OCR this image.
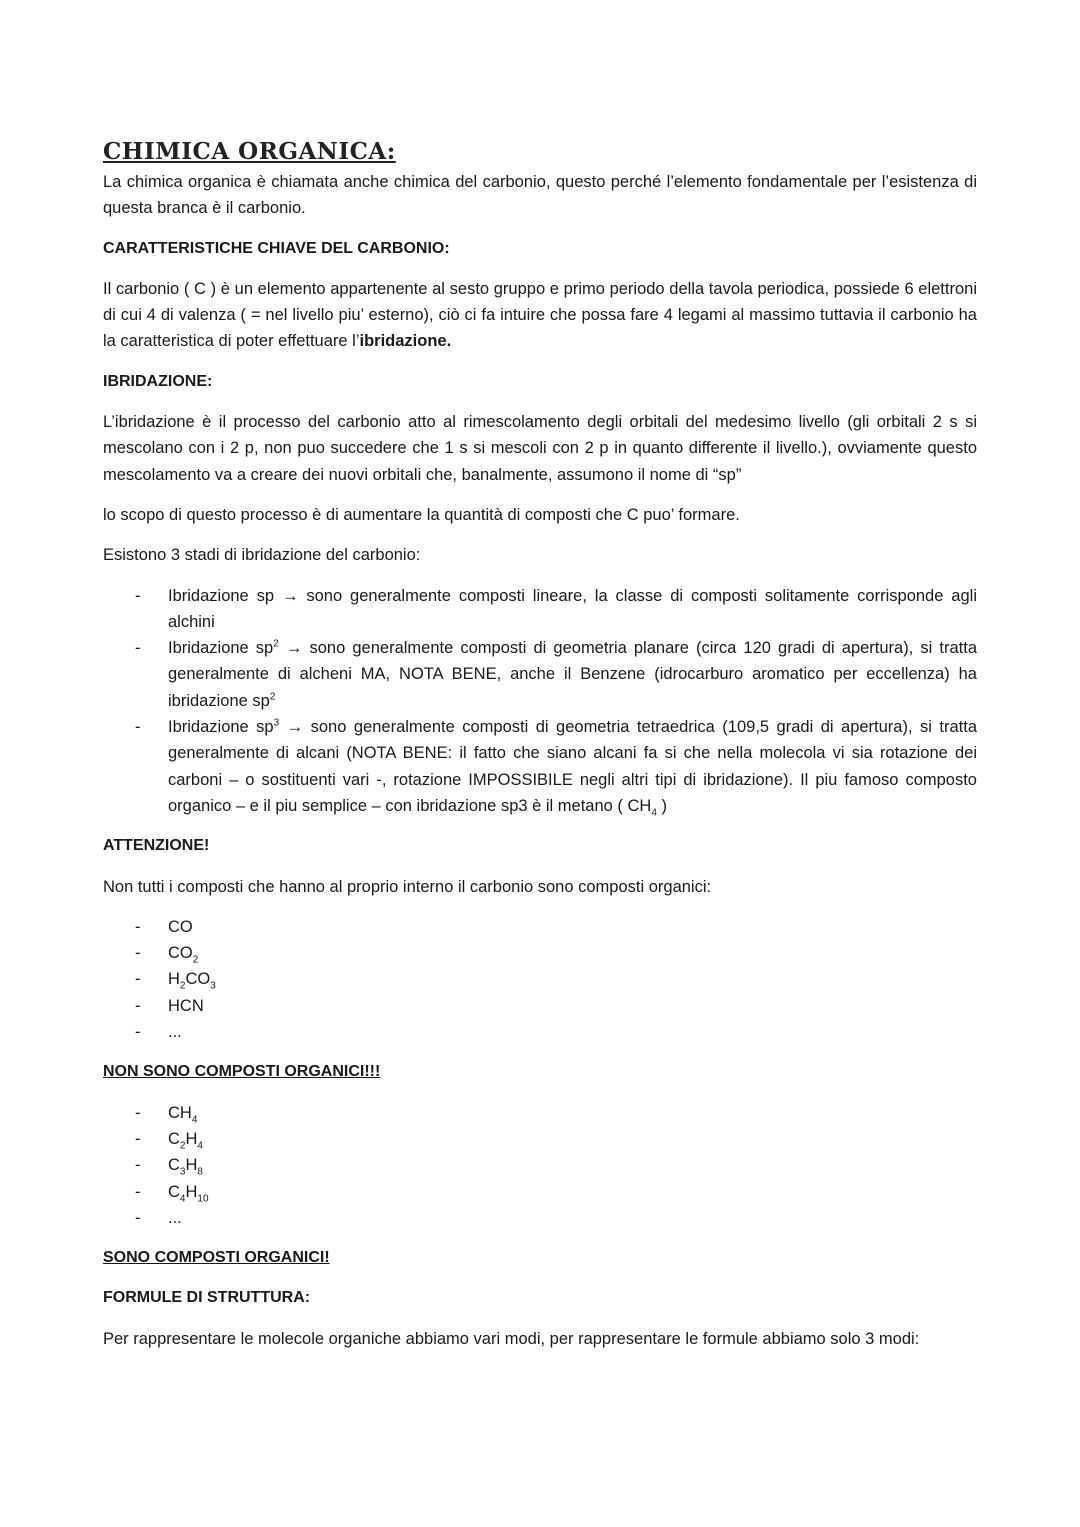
CHIMICA ORGANICA:

La chimica organica è chiamata anche chimica del carbonio, questo perché l’elemento fondamentale per l’esistenza di questa branca è il carbonio.

CARATTERISTICHE CHIAVE DEL CARBONIO:

Il carbonio ( C ) è un elemento appartenente al sesto gruppo e primo periodo della tavola periodica, possiede 6 elettroni di cui 4 di valenza ( = nel livello piu’ esterno), ciò ci fa intuire che possa fare 4 legami al massimo tuttavia il carbonio ha la caratteristica di poter effettuare l’ibridazione.

IBRIDAZIONE:

L’ibridazione è il processo del carbonio atto al rimescolamento degli orbitali del medesimo livello (gli orbitali 2 s si mescolano con i 2 p, non puo succedere che 1 s si mescoli con 2 p in quanto differente il livello.), ovviamente questo mescolamento va a creare dei nuovi orbitali che, banalmente, assumono il nome di “sp”

lo scopo di questo processo è di aumentare la quantità di composti che C puo’ formare.

Esistono 3 stadi di ibridazione del carbonio:

- Ibridazione sp → sono generalmente composti lineare, la classe di composti solitamente corrisponde agli alchini
- Ibridazione $sp^2$ → sono generalmente composti di geometria planare (circa 120 gradi di apertura), si tratta generalmente di alcheni MA, NOTA BENE, anche il Benzene (idrocarburo aromatico per eccellenza) ha ibridazione $sp^2$
- Ibridazione $sp^3$ → sono generalmente composti di geometria tetraedrica (109,5 gradi di apertura), si tratta generalmente di alcani (NOTA BENE: il fatto che siano alcani fa si che nella molecola vi sia rotazione dei carboni – o sostituenti vari -, rotazione IMPOSSIBILE negli altri tipi di ibridazione). Il piu famoso composto organico – e il piu semplice – con ibridazione sp3 è il metano ( $CH_4$ )
ATTENZIONE!

Non tutti i composti che hanno al proprio interno il carbonio sono composti organici:

- CO
- $CO_2$
- $H_2CO_3$
- HCN
- ...
NON SONO COMPOSTI ORGANICI!!!
- $CH_4$
- $C_2H_4$
- $C_3H_8$
- $C_4H_{10}$
- ...
SONO COMPOSTI ORGANICI!
FORMULE DI STRUTTURA:

Per rappresentare le molecole organiche abbiamo vari modi, per rappresentare le formule abbiamo solo 3 modi:
